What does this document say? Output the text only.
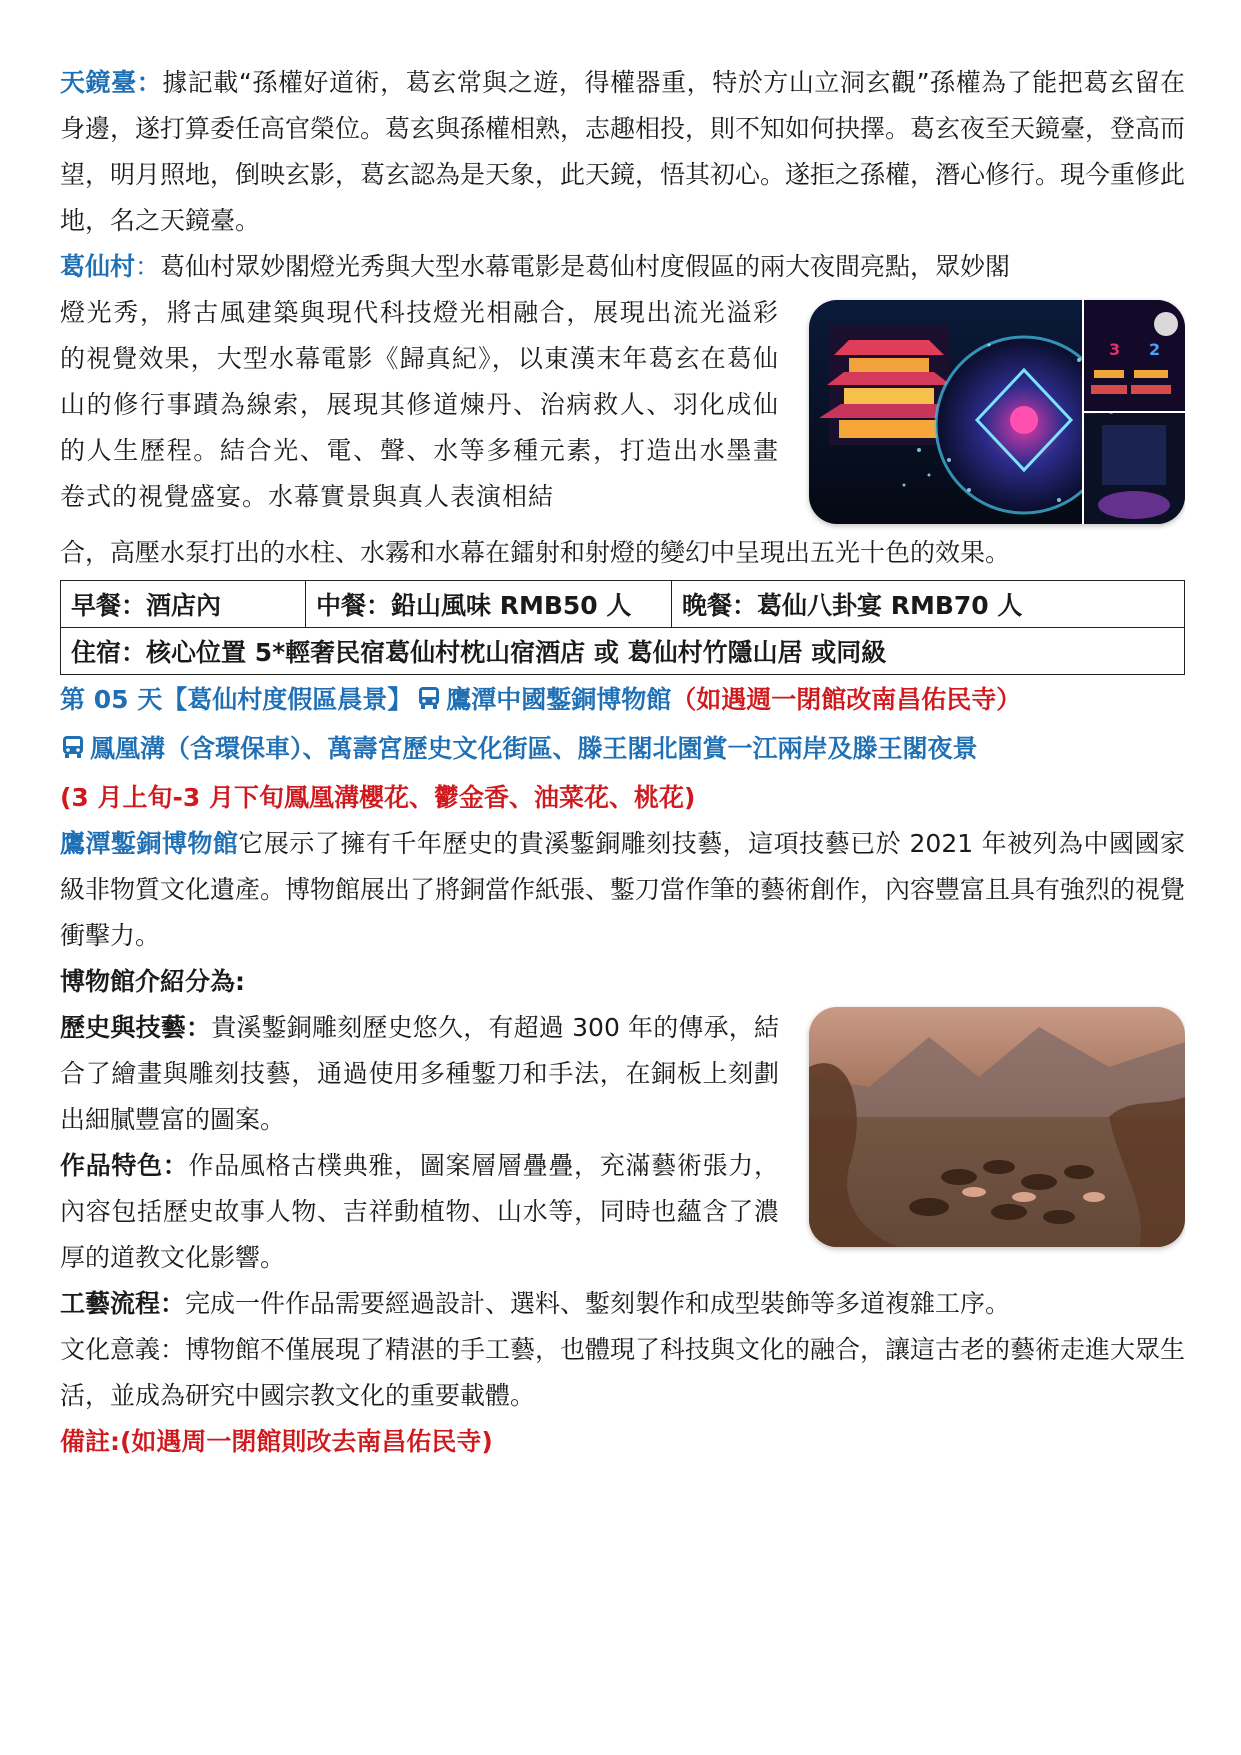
天鏡臺：據記載“孫權好道術，葛玄常與之遊，得權器重，特於方山立洞玄觀”孫權為了能把葛玄留在身邊，遂打算委任高官榮位。葛玄與孫權相熟，志趣相投，則不知如何抉擇。葛玄夜至天鏡臺，登高而望，明月照地，倒映玄影，葛玄認為是天象，此天鏡，悟其初心。遂拒之孫權，潛心修行。現今重修此地，名之天鏡臺。

葛仙村：葛仙村眾妙閣燈光秀與大型水幕電影是葛仙村度假區的兩大夜間亮點，眾妙閣

3 2

燈光秀，將古風建築與現代科技燈光相融合，展現出流光溢彩的視覺效果，大型水幕電影《歸真紀》，以東漢末年葛玄在葛仙山的修行事蹟為線索，展現其修道煉丹、治病救人、羽化成仙的人生歷程。結合光、電、聲、水等多種元素，打造出水墨畫卷式的視覺盛宴。水幕實景與真人表演相結

合，高壓水泵打出的水柱、水霧和水幕在鐳射和射燈的變幻中呈現出五光十色的效果。

早餐：酒店內	中餐：鉛山風味 RMB50 人	晚餐：葛仙八卦宴 RMB70 人
住宿：核心位置 5*輕奢民宿葛仙村枕山宿酒店 或 葛仙村竹隱山居 或同級

第 05 天【葛仙村度假區晨景】 鷹潭中國鏨銅博物館（如遇週一閉館改南昌佑民寺）

鳳凰溝（含環保車）、萬壽宮歷史文化街區、滕王閣北園賞一江兩岸及滕王閣夜景

(3 月上旬-3 月下旬鳳凰溝櫻花、鬱金香、油菜花、桃花)

鷹潭鏨銅博物館它展示了擁有千年歷史的貴溪鏨銅雕刻技藝，這項技藝已於 2021 年被列為中國國家級非物質文化遺產。博物館展出了將銅當作紙張、鏨刀當作筆的藝術創作，內容豐富且具有強烈的視覺衝擊力。

博物館介紹分為:

歷史與技藝：貴溪鏨銅雕刻歷史悠久，有超過 300 年的傳承，結合了繪畫與雕刻技藝，通過使用多種鏨刀和手法，在銅板上刻劃出細膩豐富的圖案。

作品特色：作品風格古樸典雅，圖案層層疊疊，充滿藝術張力，內容包括歷史故事人物、吉祥動植物、山水等，同時也蘊含了濃厚的道教文化影響。

工藝流程：完成一件作品需要經過設計、選料、鏨刻製作和成型裝飾等多道複雜工序。

文化意義：博物館不僅展現了精湛的手工藝，也體現了科技與文化的融合，讓這古老的藝術走進大眾生活，並成為研究中國宗教文化的重要載體。

備註:(如遇周一閉館則改去南昌佑民寺)
